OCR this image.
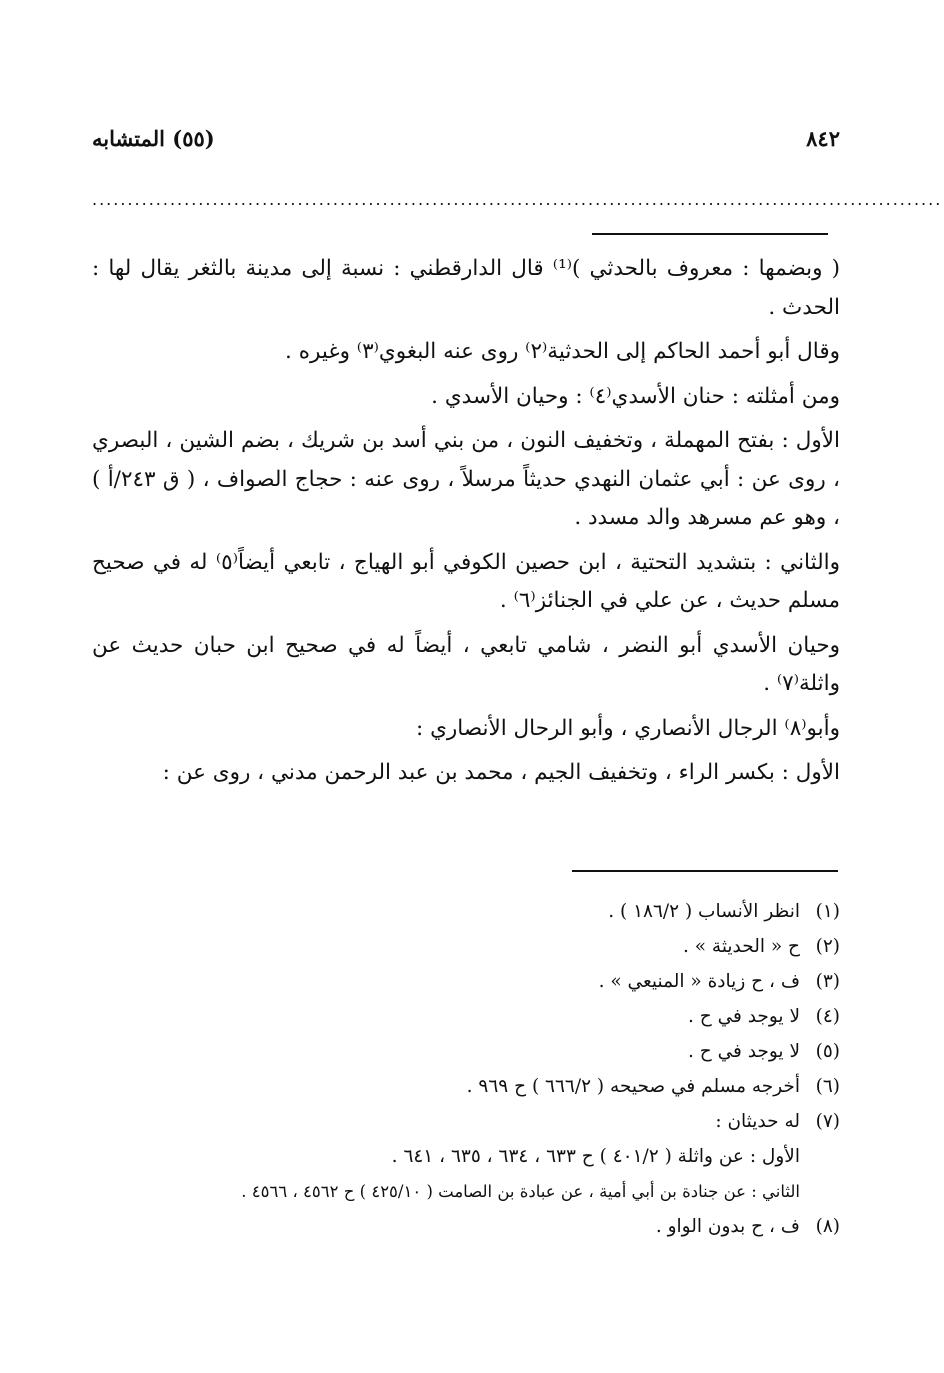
٨٤٢
(٥٥) المتشابه
........................................................................................................................

( وبضمها : معروف بالحدثي )⁽¹⁾ قال الدارقطني : نسبة إلى مدينة بالثغر يقال لها : الحدث .

وقال أبو أحمد الحاكم إلى الحدثية⁽٢⁾ روى عنه البغوي⁽٣⁾ وغيره .

ومن أمثلته : حنان الأسدي⁽٤⁾ : وحيان الأسدي .

الأول : بفتح المهملة ، وتخفيف النون ، من بني أسد بن شريك ، بضم الشين ، البصري ، روى عن : أبي عثمان النهدي حديثاً مرسلاً ، روى عنه : حجاج الصواف ، ( ق ٢٤٣/أ ) ، وهو عم مسرهد والد مسدد .

والثاني : بتشديد التحتية ، ابن حصين الكوفي أبو الهياج ، تابعي أيضاً⁽٥⁾ له في صحيح مسلم حديث ، عن علي في الجنائز⁽٦⁾ .

وحيان الأسدي أبو النضر ، شامي تابعي ، أيضاً له في صحيح ابن حبان حديث عن واثلة⁽٧⁾ .

وأبو⁽٨⁾ الرجال الأنصاري ، وأبو الرحال الأنصاري :

الأول : بكسر الراء ، وتخفيف الجيم ، محمد بن عبد الرحمن مدني ، روى عن :

(١)
انظر الأنساب ( ١٨٦/٢ ) .
(٢)
ح « الحديثة » .
(٣)
ف ، ح زيادة « المنيعي » .
(٤)
لا يوجد في ح .
(٥)
لا يوجد في ح .
(٦)
أخرجه مسلم في صحيحه ( ٦٦٦/٢ ) ح ٩٦٩ .
(٧)
له حديثان :
الأول : عن واثلة ( ٤٠١/٢ ) ح ٦٣٣ ، ٦٣٤ ، ٦٣٥ ، ٦٤١ .
الثاني : عن جنادة بن أبي أمية ، عن عبادة بن الصامت ( ٤٢٥/١٠ ) ح ٤٥٦٢ ، ٤٥٦٦ .
(٨)
ف ، ح بدون الواو .
